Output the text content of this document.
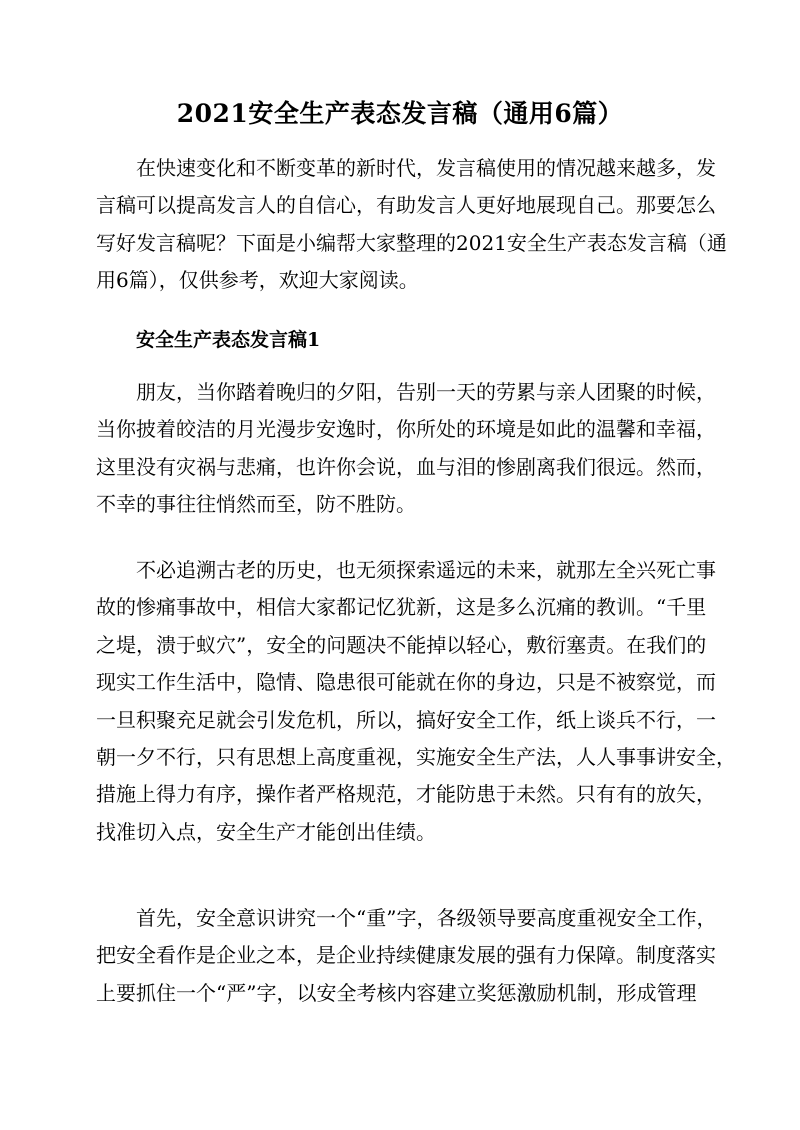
2021安全生产表态发言稿（通用6篇）
在快速变化和不断变革的新时代，发言稿使用的情况越来越多，发
言稿可以提高发言人的自信心，有助发言人更好地展现自己。那要怎么
写好发言稿呢？下面是小编帮大家整理的2021安全生产表态发言稿（通
用6篇），仅供参考，欢迎大家阅读。
安全生产表态发言稿1
朋友，当你踏着晚归的夕阳，告别一天的劳累与亲人团聚的时候，
当你披着皎洁的月光漫步安逸时，你所处的环境是如此的温馨和幸福，
这里没有灾祸与悲痛，也许你会说，血与泪的惨剧离我们很远。然而，
不幸的事往往悄然而至，防不胜防。
不必追溯古老的历史，也无须探索遥远的未来，就那左全兴死亡事
故的惨痛事故中，相信大家都记忆犹新，这是多么沉痛的教训。“千里
之堤，溃于蚁穴”，安全的问题决不能掉以轻心，敷衍塞责。在我们的
现实工作生活中，隐情、隐患很可能就在你的身边，只是不被察觉，而
一旦积聚充足就会引发危机，所以，搞好安全工作，纸上谈兵不行，一
朝一夕不行，只有思想上高度重视，实施安全生产法，人人事事讲安全，
措施上得力有序，操作者严格规范，才能防患于未然。只有有的放矢，
找准切入点，安全生产才能创出佳绩。
首先，安全意识讲究一个“重”字，各级领导要高度重视安全工作，
把安全看作是企业之本，是企业持续健康发展的强有力保障。制度落实
上要抓住一个“严”字，以安全考核内容建立奖惩激励机制，形成管理
